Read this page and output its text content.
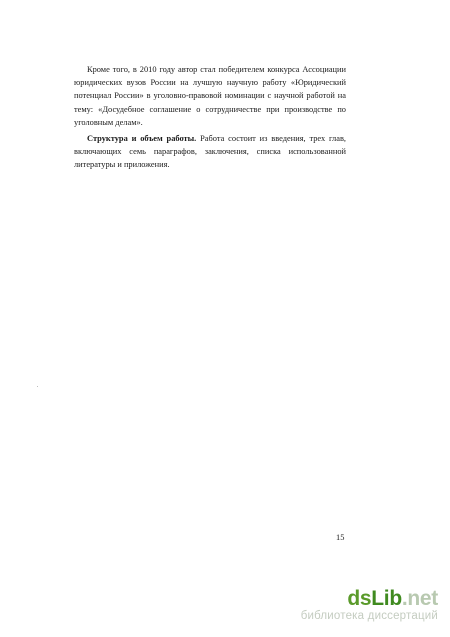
Кроме того, в 2010 году автор стал победителем конкурса Ассоциации юридических вузов России на лучшую научную работу «Юридический потенциал России» в уголовно-правовой номинации с научной работой на тему: «Досудебное соглашение о сотрудничестве при производстве по уголовным делам».

Структура и объем работы. Работа состоит из введения, трех глав, включающих семь параграфов, заключения, списка использованной литературы и приложения.

15
dsLib.net
библиотека диссертаций
